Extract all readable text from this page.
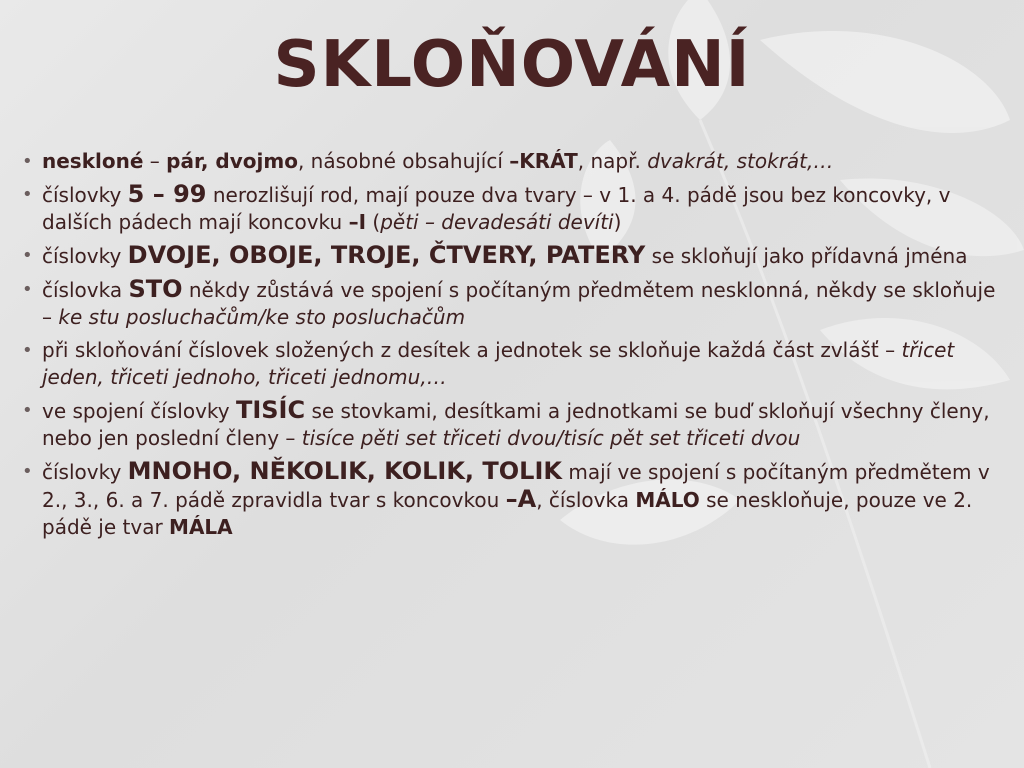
SKLOŇOVÁNÍ
• neskloné – pár, dvojmo, násobné obsahující –KRÁT, např. dvakrát, stokrát,…
• číslovky 5 – 99 nerozlišují rod, mají pouze dva tvary – v 1. a 4. pádě jsou bez koncovky, v dalších pádech mají koncovku –I (pěti – devadesáti devíti)
• číslovky DVOJE, OBOJE, TROJE, ČTVERY, PATERY se skloňují jako přídavná jména
• číslovka STO někdy zůstává ve spojení s počítaným předmětem nesklonná, někdy se skloňuje – ke stu posluchačům/ke sto posluchačům
• při skloňování číslovek složených z desítek a jednotek se skloňuje každá část zvlášť – třicet jeden, třiceti jednoho, třiceti jednomu,…
• ve spojení číslovky TISÍC se stovkami, desítkami a jednotkami se buď skloňují všechny členy, nebo jen poslední členy – tisíce pěti set třiceti dvou/tisíc pět set třiceti dvou
• číslovky MNOHO, NĚKOLIK, KOLIK, TOLIK mají ve spojení s počítaným předmětem v 2., 3., 6. a 7. pádě zpravidla tvar s koncovkou –A, číslovka MÁLO se neskloňuje, pouze ve 2. pádě je tvar MÁLA
